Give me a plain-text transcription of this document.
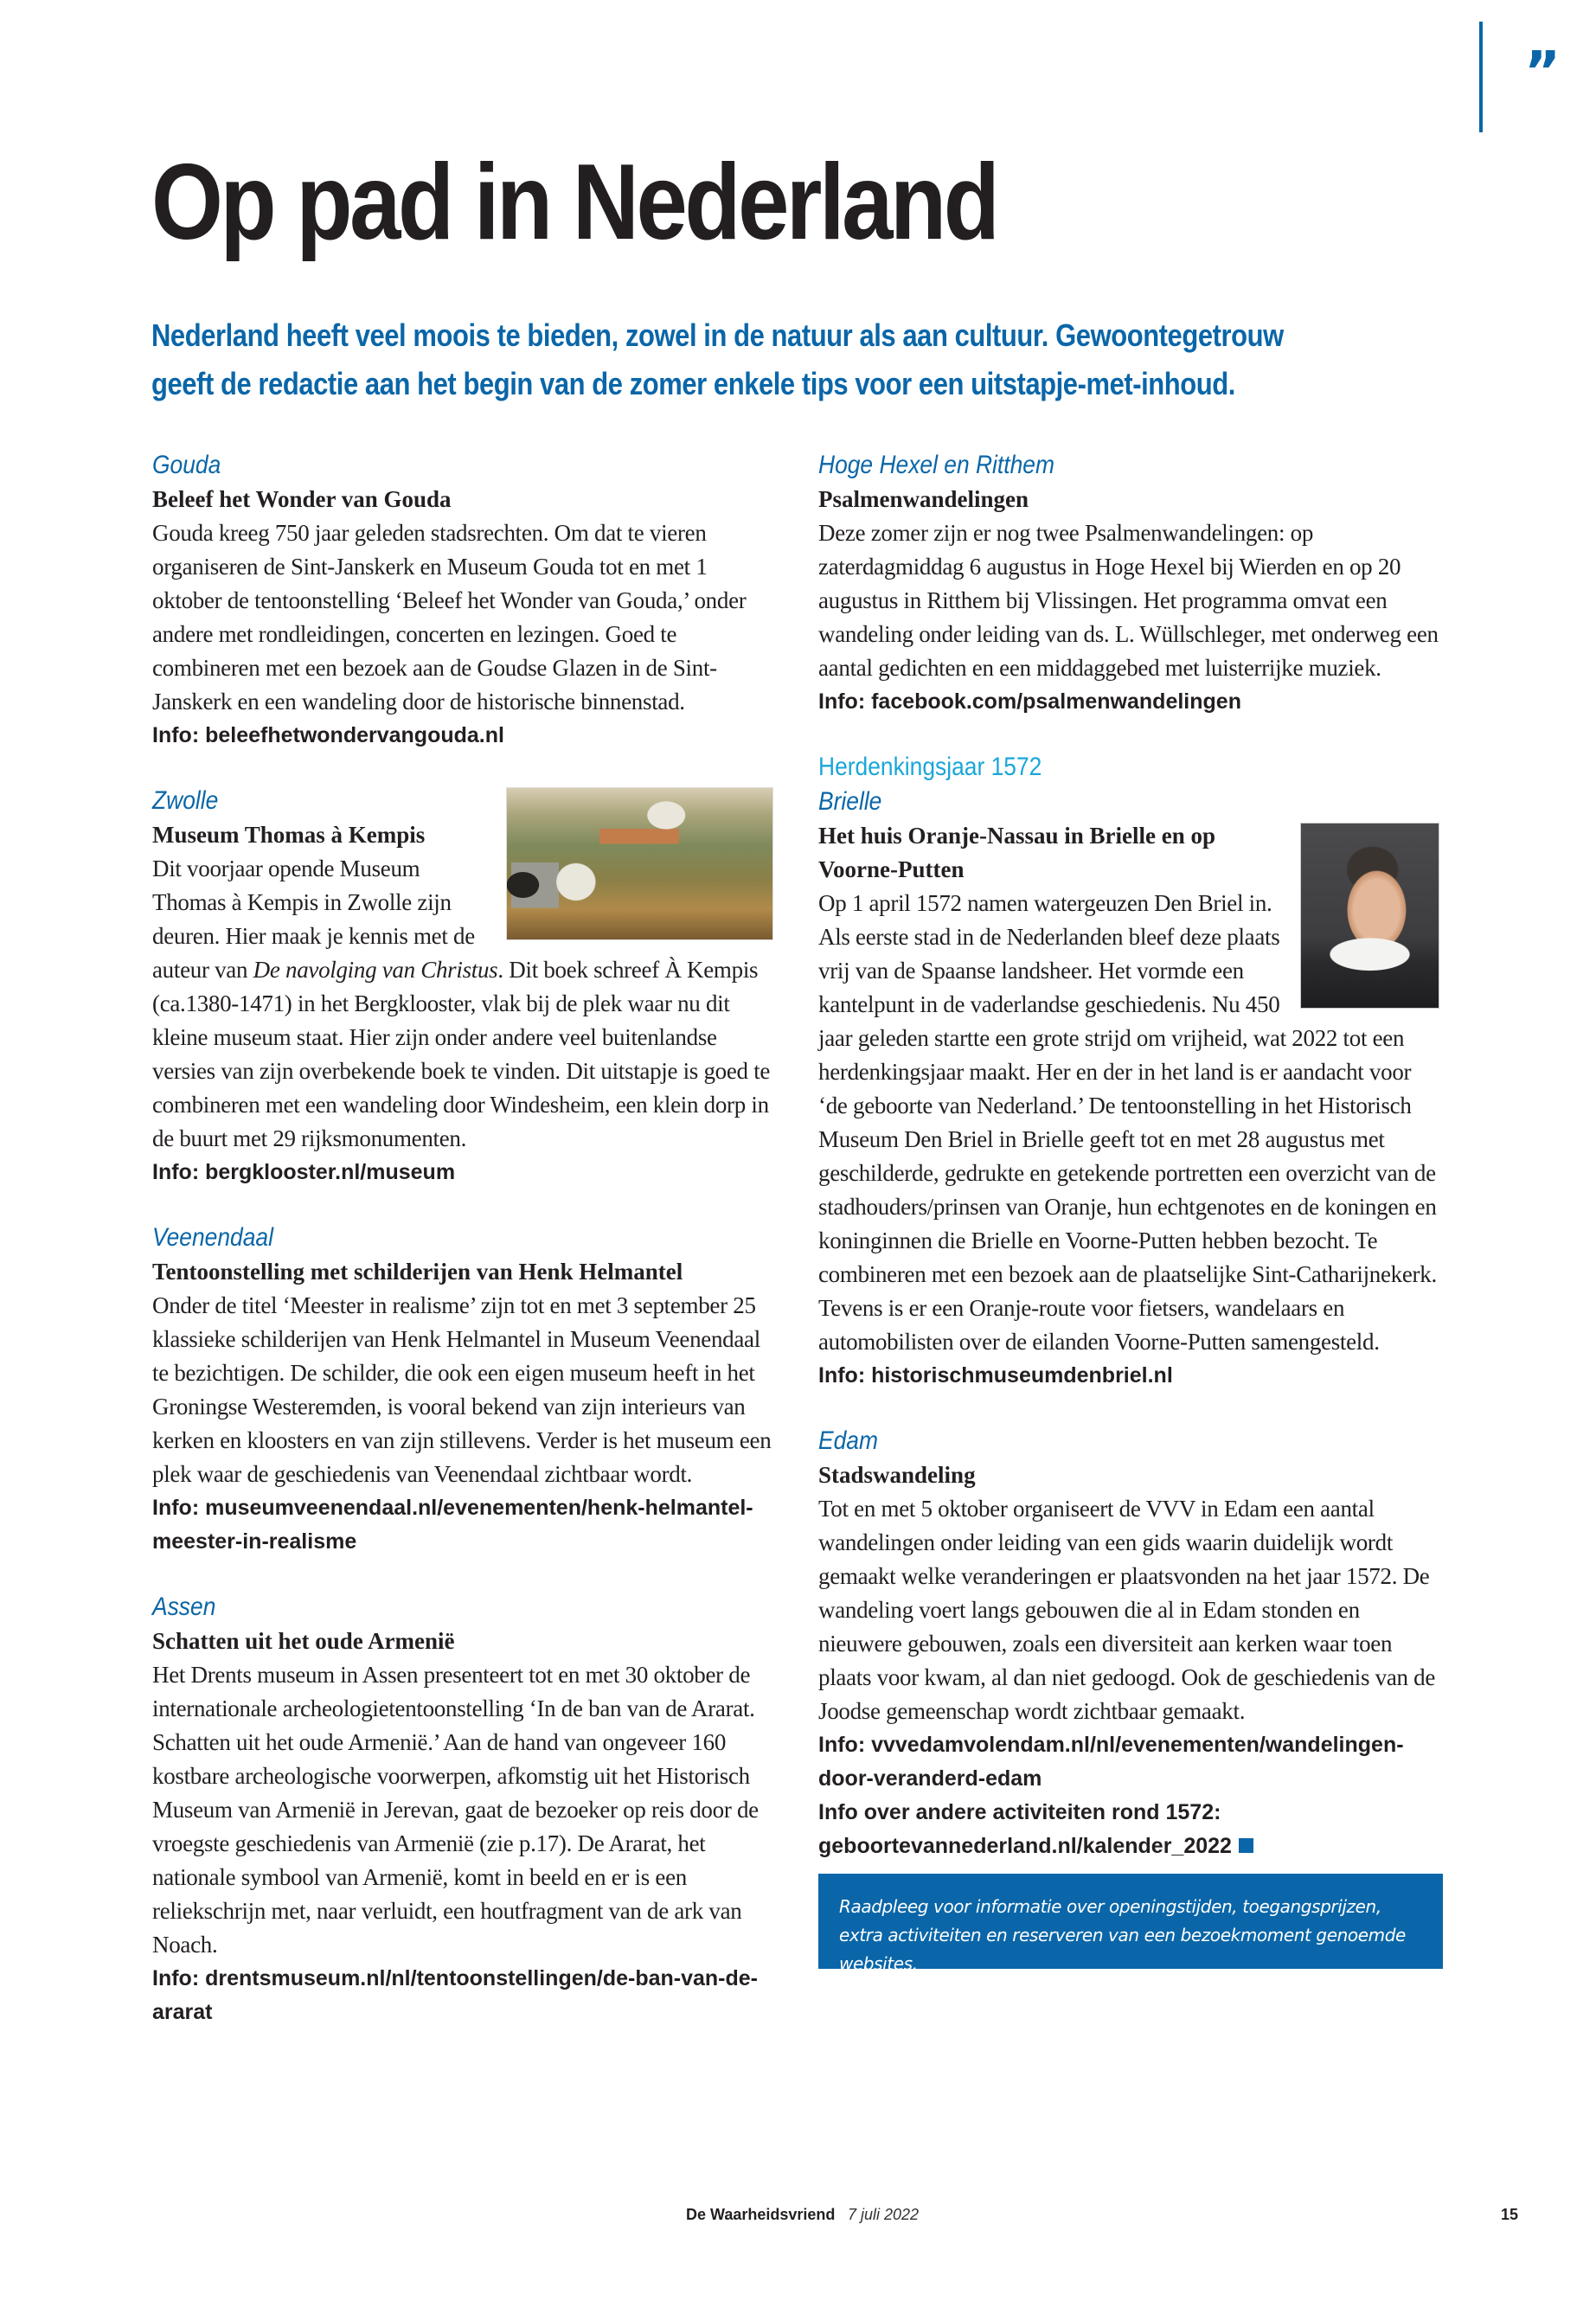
”
Op pad in Nederland

Nederland heeft veel moois te bieden, zowel in de natuur als aan cultuur. Gewoontegetrouw geeft de redactie aan het begin van de zomer enkele tips voor een uitstapje-met-inhoud.

Gouda
Beleef het Wonder van Gouda
Gouda kreeg 750 jaar geleden stadsrechten. Om dat te vieren organiseren de Sint-Janskerk en Museum Gouda tot en met 1 oktober de tentoonstelling ‘Beleef het Wonder van Gouda,’ onder andere met rondleidingen, concerten en lezingen. Goed te combineren met een bezoek aan de Goudse Glazen in de Sint-Janskerk en een wandeling door de historische binnenstad.
Info: beleefhetwondervangouda.nl
Zwolle
Museum Thomas à Kempis
Dit voorjaar opende Museum Thomas à Kempis in Zwolle zijn deuren. Hier maak je kennis met de auteur van De navolging van Christus. Dit boek schreef À Kempis (ca.1380-1471) in het Bergklooster, vlak bij de plek waar nu dit kleine museum staat. Hier zijn onder andere veel buitenlandse versies van zijn overbekende boek te vinden. Dit uitstapje is goed te combineren met een wandeling door Windesheim, een klein dorp in de buurt met 29 rijksmonumenten.
Info: bergklooster.nl/museum
Veenendaal
Tentoonstelling met schilderijen van Henk Helmantel
Onder de titel ‘Meester in realisme’ zijn tot en met 3 september 25 klassieke schilderijen van Henk Helmantel in Museum Veenendaal te bezichtigen. De schilder, die ook een eigen museum heeft in het Groningse Westeremden, is vooral bekend van zijn interieurs van kerken en kloosters en van zijn stillevens. Verder is het museum een plek waar de geschiedenis van Veenendaal zichtbaar wordt.
Info: museumveenendaal.nl/evenementen/henk-helmantel-meester-in-realisme
Assen
Schatten uit het oude Armenië
Het Drents museum in Assen presenteert tot en met 30 oktober de internationale archeologietentoonstelling ‘In de ban van de Ararat. Schatten uit het oude Armenië.’ Aan de hand van ongeveer 160 kostbare archeologische voorwerpen, afkomstig uit het Historisch Museum van Armenië in Jerevan, gaat de bezoeker op reis door de vroegste geschiedenis van Armenië (zie p.17). De Ararat, het nationale symbool van Armenië, komt in beeld en er is een reliekschrijn met, naar verluidt, een houtfragment van de ark van Noach.
Info: drentsmuseum.nl/nl/tentoonstellingen/de-ban-van-de-ararat
Hoge Hexel en Ritthem
Psalmenwandelingen
Deze zomer zijn er nog twee Psalmenwandelingen: op zaterdagmiddag 6 augustus in Hoge Hexel bij Wierden en op 20 augustus in Ritthem bij Vlissingen. Het programma omvat een wandeling onder leiding van ds. L. Wüllschleger, met onderweg een aantal gedichten en een middaggebed met luisterrijke muziek.
Info: facebook.com/psalmenwandelingen
Herdenkingsjaar 1572
Brielle
Het huis Oranje-Nassau in Brielle en op Voorne-Putten
Op 1 april 1572 namen watergeuzen Den Briel in. Als eerste stad in de Nederlanden bleef deze plaats vrij van de Spaanse landsheer. Het vormde een kantelpunt in de vaderlandse geschiedenis. Nu 450 jaar geleden startte een grote strijd om vrijheid, wat 2022 tot een herdenkingsjaar maakt. Her en der in het land is er aandacht voor ‘de geboorte van Nederland.’ De tentoonstelling in het Historisch Museum Den Briel in Brielle geeft tot en met 28 augustus met geschilderde, gedrukte en getekende portretten een overzicht van de stadhouders/prinsen van Oranje, hun echtgenotes en de koningen en koninginnen die Brielle en Voorne-Putten hebben bezocht. Te combineren met een bezoek aan de plaatselijke Sint-Catharijnekerk. Tevens is er een Oranje-route voor fietsers, wandelaars en automobilisten over de eilanden Voorne-Putten samengesteld.
Info: historischmuseumdenbriel.nl
Edam
Stadswandeling
Tot en met 5 oktober organiseert de VVV in Edam een aantal wandelingen onder leiding van een gids waarin duidelijk wordt gemaakt welke veranderingen er plaatsvonden na het jaar 1572. De wandeling voert langs gebouwen die al in Edam stonden en nieuwere gebouwen, zoals een diversiteit aan kerken waar toen plaats voor kwam, al dan niet gedoogd. Ook de geschiedenis van de Joodse gemeenschap wordt zichtbaar gemaakt.
Info: vvvedamvolendam.nl/nl/evenementen/wandelingen-door-veranderd-edam
Info over andere activiteiten rond 1572:
geboortevannederland.nl/kalender_2022
Raadpleeg voor informatie over openingstijden, toegangsprijzen, extra activiteiten en reserveren van een bezoekmoment genoemde websites.
De Waarheidsvriend 7 juli 2022	15
